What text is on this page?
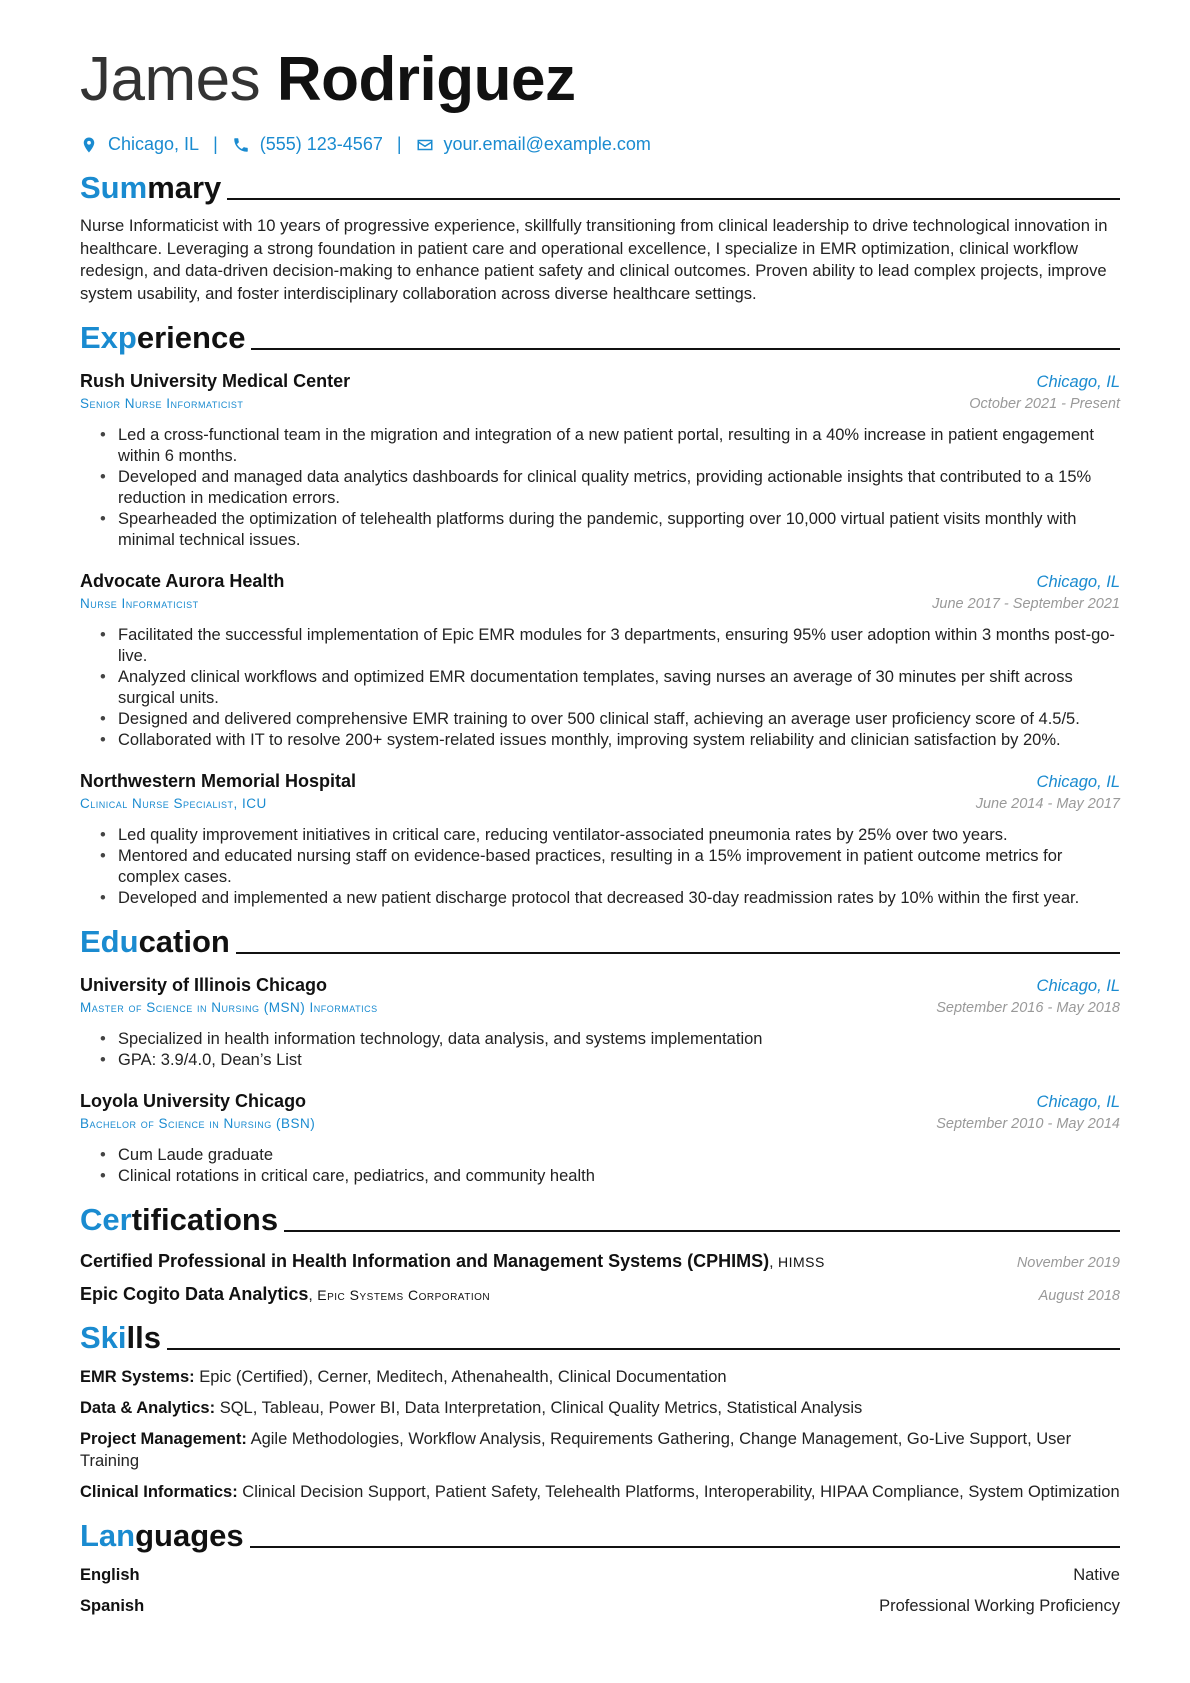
James Rodriguez
Chicago, IL | (555) 123-4567 | your.email@example.com
Summary

Nurse Informaticist with 10 years of progressive experience, skillfully transitioning from clinical leadership to drive technological innovation in healthcare. Leveraging a strong foundation in patient care and operational excellence, I specialize in EMR optimization, clinical workflow redesign, and data-driven decision-making to enhance patient safety and clinical outcomes. Proven ability to lead complex projects, improve system usability, and foster interdisciplinary collaboration across diverse healthcare settings.

Experience
Rush University Medical Center	Chicago, IL
Senior Nurse Informaticist	October 2021 - Present
• Led a cross-functional team in the migration and integration of a new patient portal, resulting in a 40% increase in patient engagement within 6 months.
• Developed and managed data analytics dashboards for clinical quality metrics, providing actionable insights that contributed to a 15% reduction in medication errors.
• Spearheaded the optimization of telehealth platforms during the pandemic, supporting over 10,000 virtual patient visits monthly with minimal technical issues.
Advocate Aurora Health	Chicago, IL
Nurse Informaticist	June 2017 - September 2021
• Facilitated the successful implementation of Epic EMR modules for 3 departments, ensuring 95% user adoption within 3 months post-go-live.
• Analyzed clinical workflows and optimized EMR documentation templates, saving nurses an average of 30 minutes per shift across surgical units.
• Designed and delivered comprehensive EMR training to over 500 clinical staff, achieving an average user proficiency score of 4.5/5.
• Collaborated with IT to resolve 200+ system-related issues monthly, improving system reliability and clinician satisfaction by 20%.
Northwestern Memorial Hospital	Chicago, IL
Clinical Nurse Specialist, ICU	June 2014 - May 2017
• Led quality improvement initiatives in critical care, reducing ventilator-associated pneumonia rates by 25% over two years.
• Mentored and educated nursing staff on evidence-based practices, resulting in a 15% improvement in patient outcome metrics for complex cases.
• Developed and implemented a new patient discharge protocol that decreased 30-day readmission rates by 10% within the first year.
Education
University of Illinois Chicago	Chicago, IL
Master of Science in Nursing (MSN) Informatics	September 2016 - May 2018
• Specialized in health information technology, data analysis, and systems implementation
• GPA: 3.9/4.0, Dean’s List
Loyola University Chicago	Chicago, IL
Bachelor of Science in Nursing (BSN)	September 2010 - May 2014
• Cum Laude graduate
• Clinical rotations in critical care, pediatrics, and community health
Certifications
Certified Professional in Health Information and Management Systems (CPHIMS), HIMSS	November 2019
Epic Cogito Data Analytics, Epic Systems Corporation	August 2018
Skills
EMR Systems: Epic (Certified), Cerner, Meditech, Athenahealth, Clinical Documentation
Data & Analytics: SQL, Tableau, Power BI, Data Interpretation, Clinical Quality Metrics, Statistical Analysis
Project Management: Agile Methodologies, Workflow Analysis, Requirements Gathering, Change Management, Go-Live Support, User Training
Clinical Informatics: Clinical Decision Support, Patient Safety, Telehealth Platforms, Interoperability, HIPAA Compliance, System Optimization
Languages
English	Native
Spanish	Professional Working Proficiency
